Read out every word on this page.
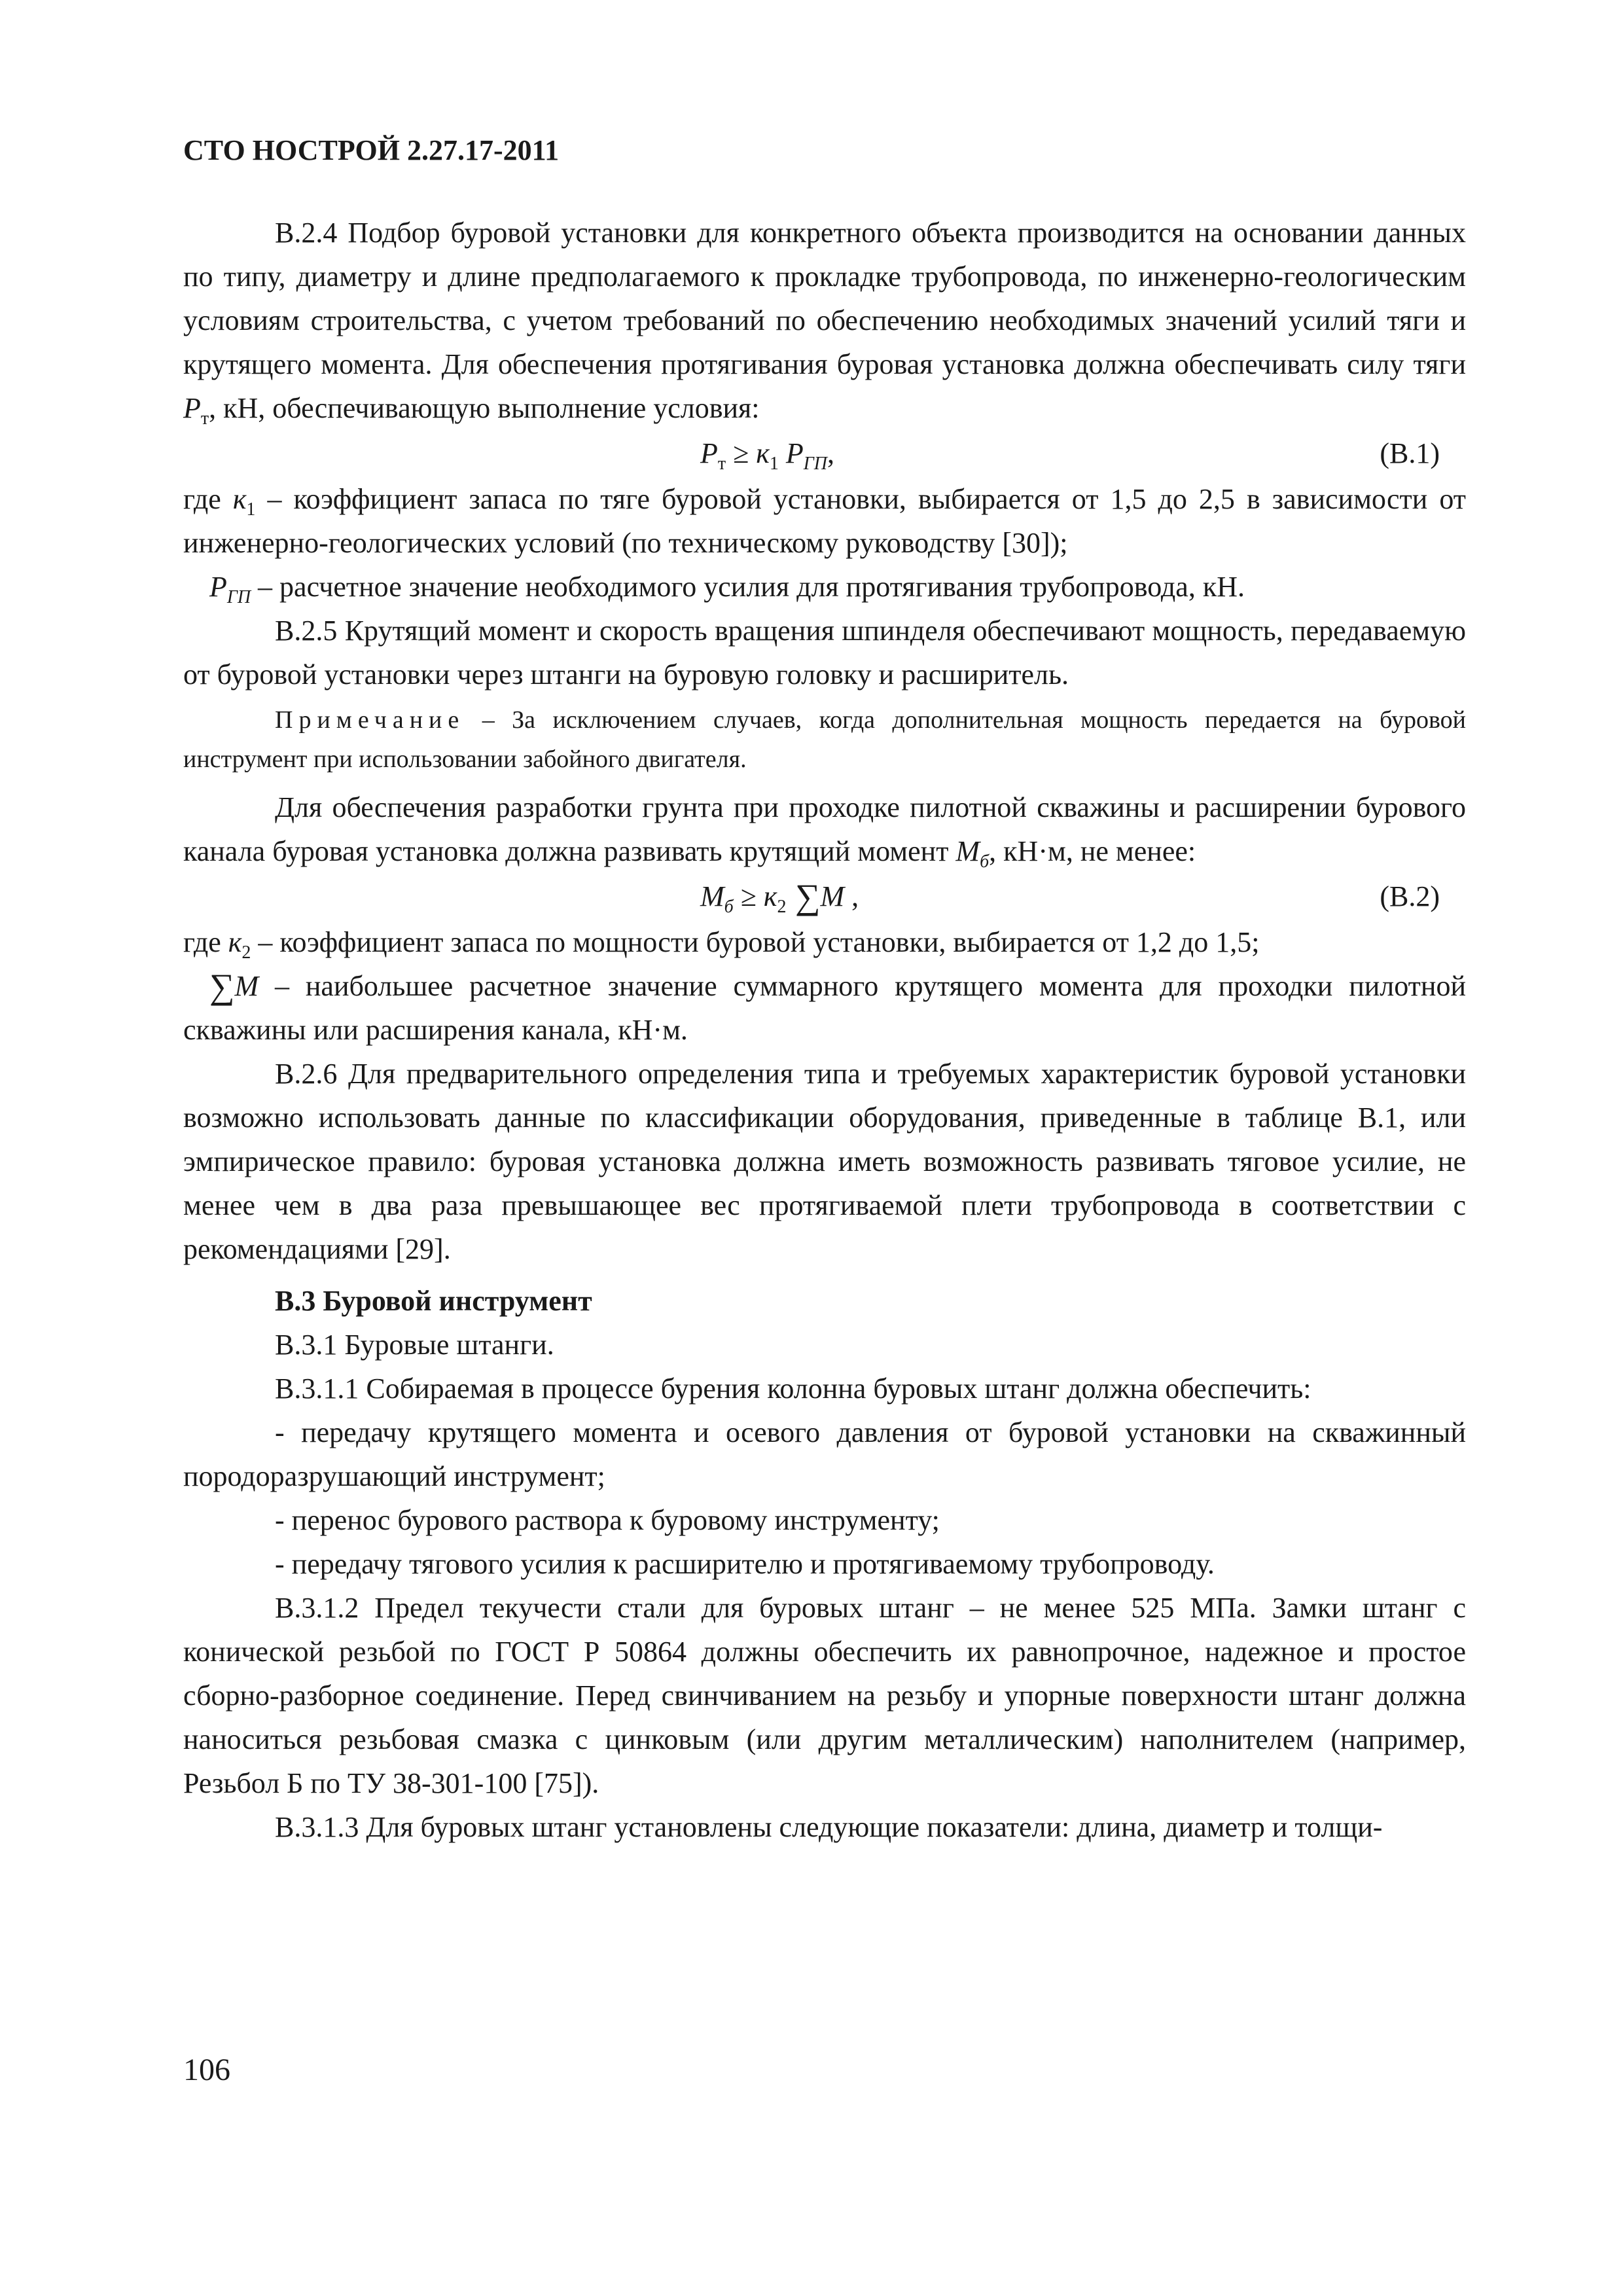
СТО НОСТРОЙ 2.27.17-2011

В.2.4 Подбор буровой установки для конкретного объекта производится на основании данных по типу, диаметру и длине предполагаемого к прокладке трубопровода, по инженерно-геологическим условиям строительства, с учетом требований по обеспечению необходимых значений усилий тяги и крутящего момента. Для обеспечения протягивания буровая установка должна обеспечивать силу тяги $P_т$, кН, обеспечивающую выполнение условия:

$P_т \ge к_1$ $P_{ГП}$,	(В.1)

где $к_1$ – коэффициент запаса по тяге буровой установки, выбирается от 1,5 до 2,5 в зависимости от инженерно-геологических условий (по техническому руководству [30]);

$P_{ГП}$ – расчетное значение необходимого усилия для протягивания трубопровода, кН.

В.2.5 Крутящий момент и скорость вращения шпинделя обеспечивают мощность, передаваемую от буровой установки через штанги на буровую головку и расширитель.

Примечание – За исключением случаев, когда дополнительная мощность передается на буровой инструмент при использовании забойного двигателя.

Для обеспечения разработки грунта при проходке пилотной скважины и расширении бурового канала буровая установка должна развивать крутящий момент $M_б$, кН·м, не менее:

$M_б \ge к_2$ ∑M ,	(В.2)

где $к_2$ – коэффициент запаса по мощности буровой установки, выбирается от 1,2 до 1,5;

∑M – наибольшее расчетное значение суммарного крутящего момента для проходки пилотной скважины или расширения канала, кН·м.

В.2.6 Для предварительного определения типа и требуемых характеристик буровой установки возможно использовать данные по классификации оборудования, приведенные в таблице В.1, или эмпирическое правило: буровая установка должна иметь возможность развивать тяговое усилие, не менее чем в два раза превышающее вес протягиваемой плети трубопровода в соответствии с рекомендациями [29].

В.3 Буровой инструмент

В.3.1 Буровые штанги.

В.3.1.1 Собираемая в процессе бурения колонна буровых штанг должна обеспечить:

- передачу крутящего момента и осевого давления от буровой установки на скважинный породоразрушающий инструмент;

- перенос бурового раствора к буровому инструменту;

- передачу тягового усилия к расширителю и протягиваемому трубопроводу.

В.3.1.2 Предел текучести стали для буровых штанг – не менее 525 МПа. Замки штанг с конической резьбой по ГОСТ Р 50864 должны обеспечить их равнопрочное, надежное и простое сборно-разборное соединение. Перед свинчиванием на резьбу и упорные поверхности штанг должна наноситься резьбовая смазка с цинковым (или другим металлическим) наполнителем (например, Резьбол Б по ТУ 38-301-100 [75]).

В.3.1.3 Для буровых штанг установлены следующие показатели: длина, диаметр и толщи-

106
